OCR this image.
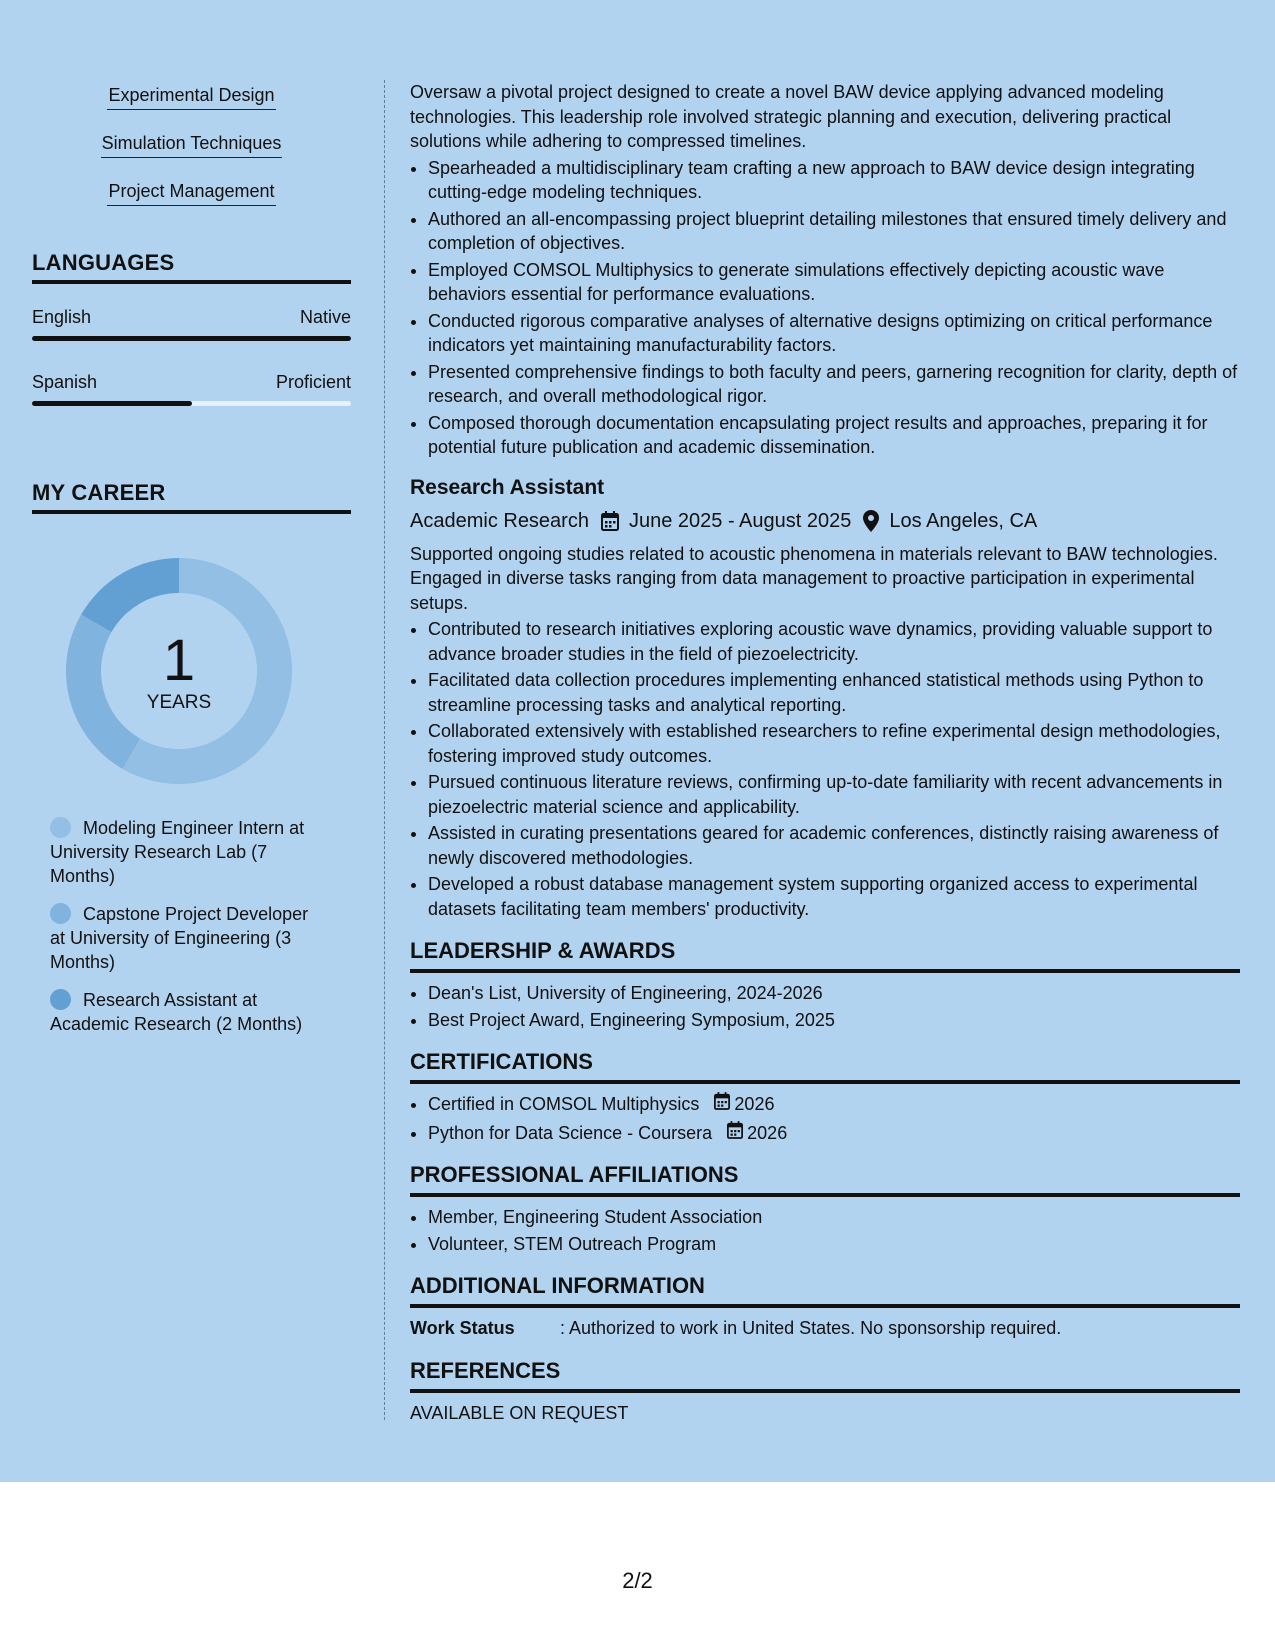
Experimental Design
Simulation Techniques
Project Management
LANGUAGES
English	Native
Spanish	Proficient
MY CAREER
1
YEARS
Modeling Engineer Intern at University Research Lab (7 Months)
Capstone Project Developer at University of Engineering (3 Months)
Research Assistant at Academic Research (2 Months)

Oversaw a pivotal project designed to create a novel BAW device applying advanced modeling technologies. This leadership role involved strategic planning and execution, delivering practical solutions while adhering to compressed timelines.

• Spearheaded a multidisciplinary team crafting a new approach to BAW device design integrating cutting-edge modeling techniques.
• Authored an all-encompassing project blueprint detailing milestones that ensured timely delivery and completion of objectives.
• Employed COMSOL Multiphysics to generate simulations effectively depicting acoustic wave behaviors essential for performance evaluations.
• Conducted rigorous comparative analyses of alternative designs optimizing on critical performance indicators yet maintaining manufacturability factors.
• Presented comprehensive findings to both faculty and peers, garnering recognition for clarity, depth of research, and overall methodological rigor.
• Composed thorough documentation encapsulating project results and approaches, preparing it for potential future publication and academic dissemination.
Research Assistant
Academic Research June 2025 - August 2025 Los Angeles, CA

Supported ongoing studies related to acoustic phenomena in materials relevant to BAW technologies. Engaged in diverse tasks ranging from data management to proactive participation in experimental setups.

• Contributed to research initiatives exploring acoustic wave dynamics, providing valuable support to advance broader studies in the field of piezoelectricity.
• Facilitated data collection procedures implementing enhanced statistical methods using Python to streamline processing tasks and analytical reporting.
• Collaborated extensively with established researchers to refine experimental design methodologies, fostering improved study outcomes.
• Pursued continuous literature reviews, confirming up-to-date familiarity with recent advancements in piezoelectric material science and applicability.
• Assisted in curating presentations geared for academic conferences, distinctly raising awareness of newly discovered methodologies.
• Developed a robust database management system supporting organized access to experimental datasets facilitating team members' productivity.
LEADERSHIP & AWARDS
• Dean's List, University of Engineering, 2024-2026
• Best Project Award, Engineering Symposium, 2025
CERTIFICATIONS
• Certified in COMSOL Multiphysics 2026
• Python for Data Science - Coursera 2026
PROFESSIONAL AFFILIATIONS
• Member, Engineering Student Association
• Volunteer, STEM Outreach Program
ADDITIONAL INFORMATION
Work Status	: Authorized to work in United States. No sponsorship required.
REFERENCES
AVAILABLE ON REQUEST
2/2
